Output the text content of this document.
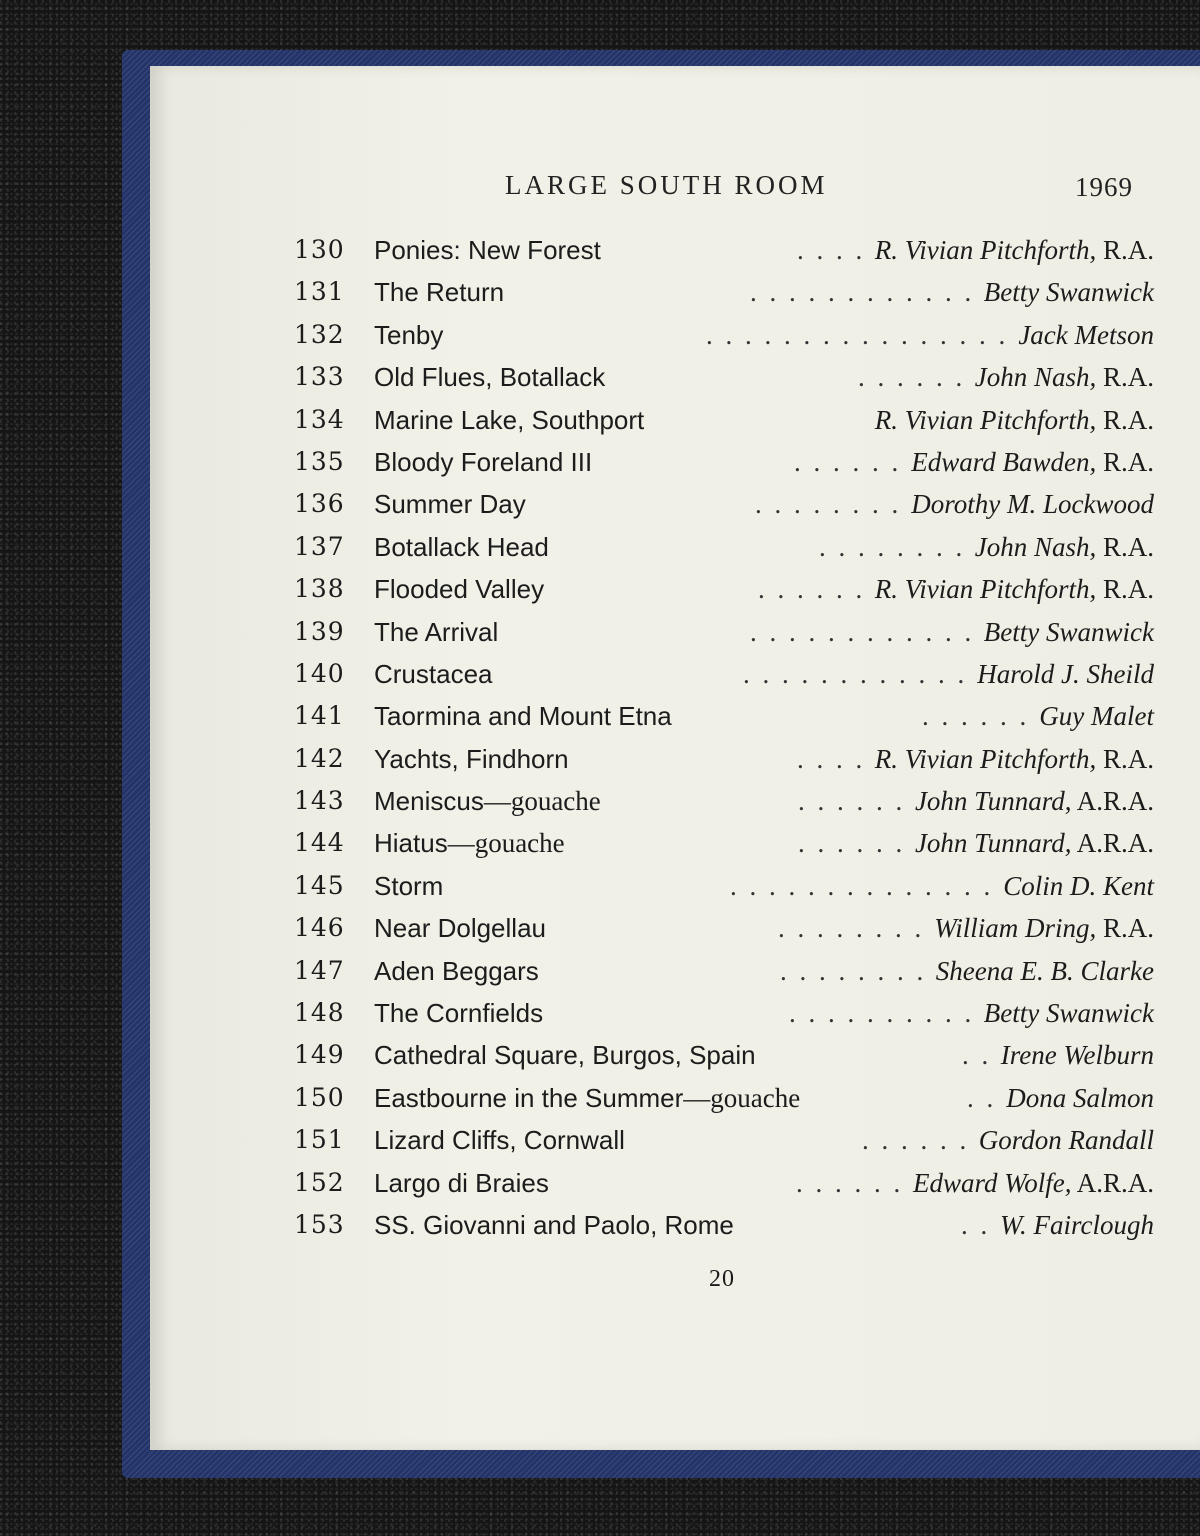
LARGE SOUTH ROOM	1969
130	Ponies: New Forest	. . . . R. Vivian Pitchforth, R.A.
131	The Return	. . . . . . . . . . . . Betty Swanwick
132	Tenby	. . . . . . . . . . . . . . . . Jack Metson
133	Old Flues, Botallack	. . . . . . John Nash, R.A.
134	Marine Lake, Southport	R. Vivian Pitchforth, R.A.
135	Bloody Foreland III	. . . . . . Edward Bawden, R.A.
136	Summer Day	. . . . . . . . Dorothy M. Lockwood
137	Botallack Head	. . . . . . . . John Nash, R.A.
138	Flooded Valley	. . . . . . R. Vivian Pitchforth, R.A.
139	The Arrival	. . . . . . . . . . . . Betty Swanwick
140	Crustacea	. . . . . . . . . . . . Harold J. Sheild
141	Taormina and Mount Etna	. . . . . . Guy Malet
142	Yachts, Findhorn	. . . . R. Vivian Pitchforth, R.A.
143	Meniscus—gouache	. . . . . . John Tunnard, A.R.A.
144	Hiatus—gouache	. . . . . . John Tunnard, A.R.A.
145	Storm	. . . . . . . . . . . . . . Colin D. Kent
146	Near Dolgellau	. . . . . . . . William Dring, R.A.
147	Aden Beggars	. . . . . . . . Sheena E. B. Clarke
148	The Cornfields	. . . . . . . . . . Betty Swanwick
149	Cathedral Square, Burgos, Spain	. . Irene Welburn
150	Eastbourne in the Summer—gouache	. . Dona Salmon
151	Lizard Cliffs, Cornwall	. . . . . . Gordon Randall
152	Largo di Braies	. . . . . . Edward Wolfe, A.R.A.
153	SS. Giovanni and Paolo, Rome	. . W. Fairclough
20
